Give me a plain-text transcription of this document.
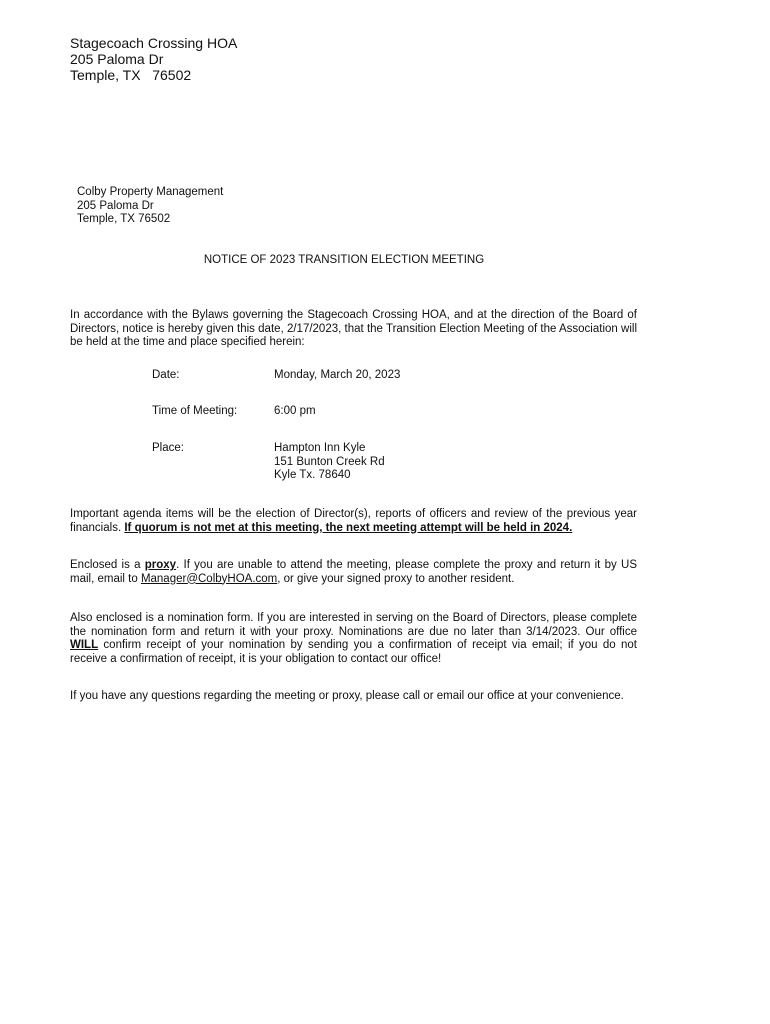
Stagecoach Crossing HOA
205 Paloma Dr
Temple, TX   76502
Colby Property Management
205 Paloma Dr
Temple, TX 76502
NOTICE OF 2023 TRANSITION ELECTION MEETING
In accordance with the Bylaws governing the Stagecoach Crossing HOA, and at the direction of the Board of Directors, notice is hereby given this date, 2/17/2023, that the Transition Election Meeting of the Association will be held at the time and place specified herein:
Date:	Monday, March 20, 2023
Time of Meeting:	6:00 pm
Place:	Hampton Inn Kyle
151 Bunton Creek Rd
Kyle Tx. 78640
Important agenda items will be the election of Director(s), reports of officers and review of the previous year financials. If quorum is not met at this meeting, the next meeting attempt will be held in 2024.
Enclosed is a proxy. If you are unable to attend the meeting, please complete the proxy and return it by US mail, email to Manager@ColbyHOA.com, or give your signed proxy to another resident.
Also enclosed is a nomination form. If you are interested in serving on the Board of Directors, please complete the nomination form and return it with your proxy. Nominations are due no later than 3/14/2023. Our office WILL confirm receipt of your nomination by sending you a confirmation of receipt via email; if you do not receive a confirmation of receipt, it is your obligation to contact our office!
If you have any questions regarding the meeting or proxy, please call or email our office at your convenience.
